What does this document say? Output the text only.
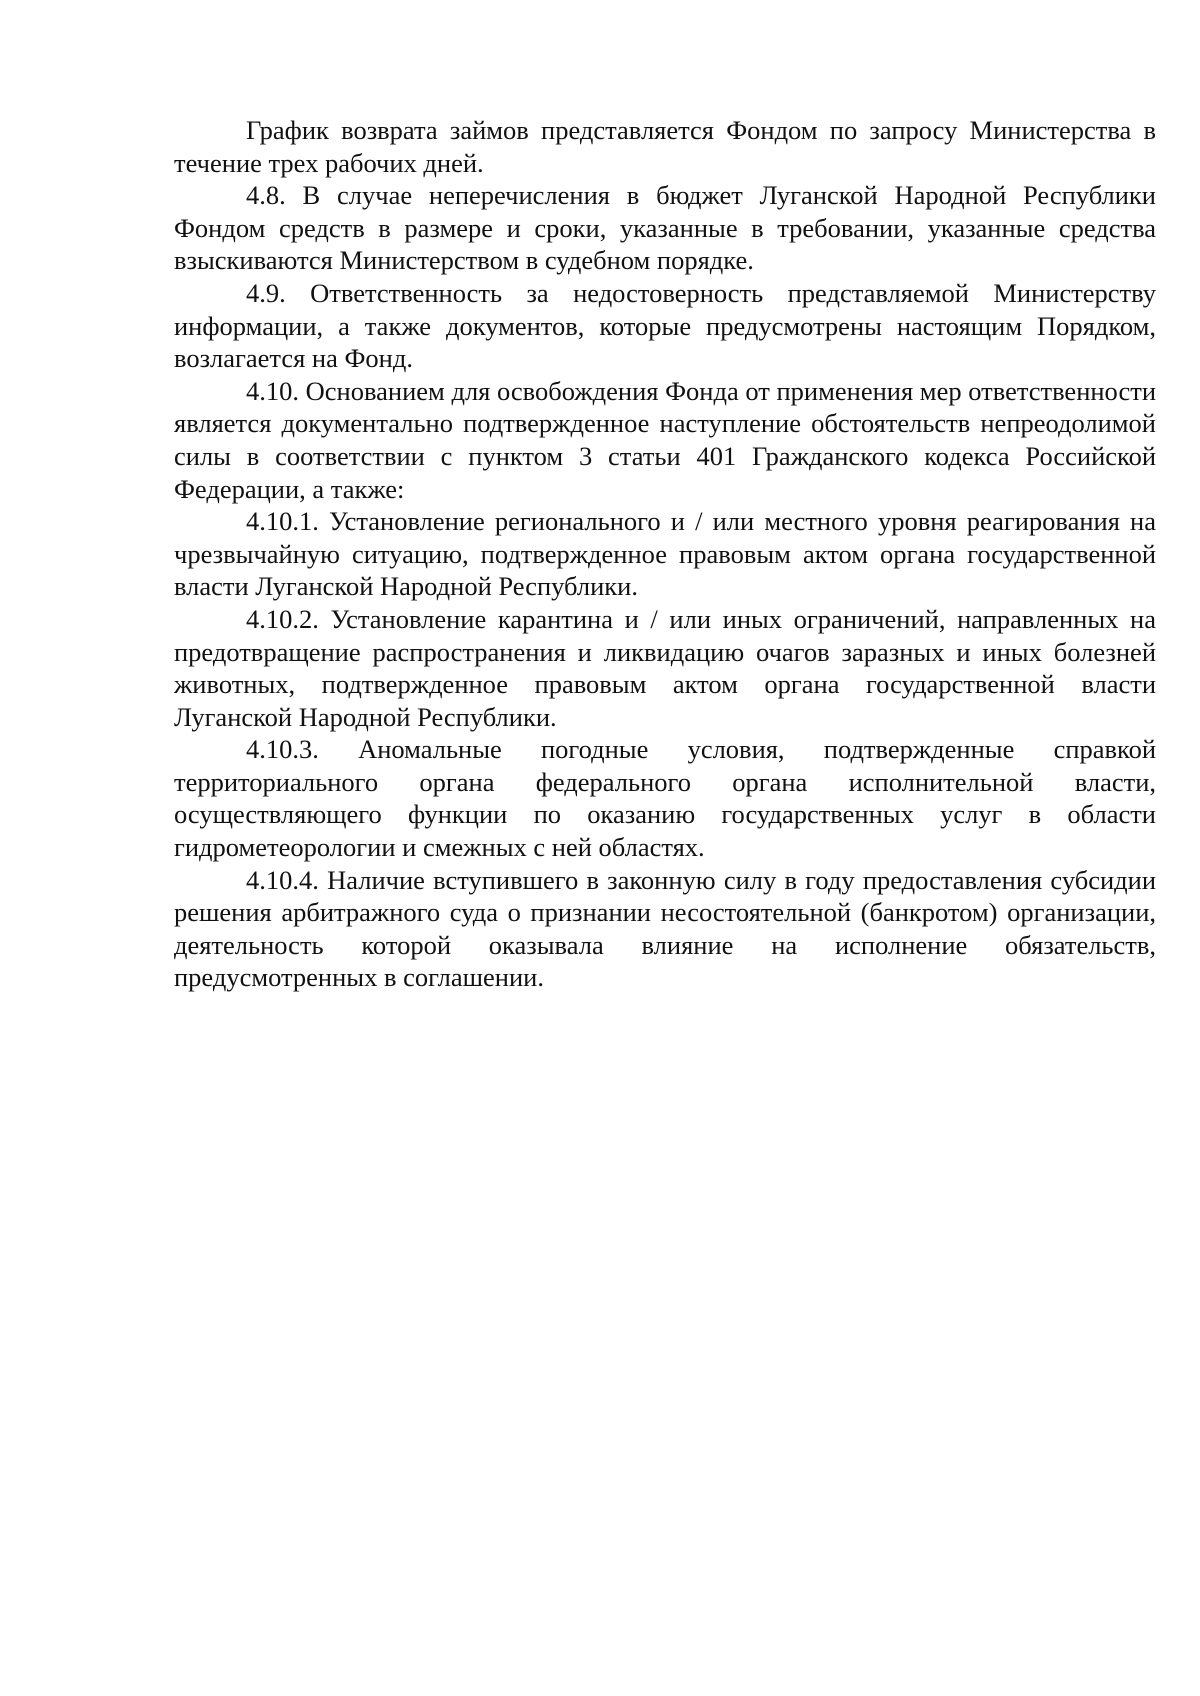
График возврата займов представляется Фондом по запросу Министерства в течение трех рабочих дней.

4.8. В случае неперечисления в бюджет Луганской Народной Республики Фондом средств в размере и сроки, указанные в требовании, указанные средства взыскиваются Министерством в судебном порядке.

4.9. Ответственность за недостоверность представляемой Министерству информации, а также документов, которые предусмотрены настоящим Порядком, возлагается на Фонд.

4.10. Основанием для освобождения Фонда от применения мер ответственности является документально подтвержденное наступление обстоятельств непреодолимой силы в соответствии с пунктом 3 статьи 401 Гражданского кодекса Российской Федерации, а также:

4.10.1. Установление регионального и / или местного уровня реагирования на чрезвычайную ситуацию, подтвержденное правовым актом органа государственной власти Луганской Народной Республики.

4.10.2. Установление карантина и / или иных ограничений, направленных на предотвращение распространения и ликвидацию очагов заразных и иных болезней животных, подтвержденное правовым актом органа государственной власти Луганской Народной Республики.

4.10.3. Аномальные погодные условия, подтвержденные справкой территориального органа федерального органа исполнительной власти, осуществляющего функции по оказанию государственных услуг в области гидрометеорологии и смежных с ней областях.

4.10.4. Наличие вступившего в законную силу в году предоставления субсидии решения арбитражного суда о признании несостоятельной (банкротом) организации, деятельность которой оказывала влияние на исполнение обязательств, предусмотренных в соглашении.
